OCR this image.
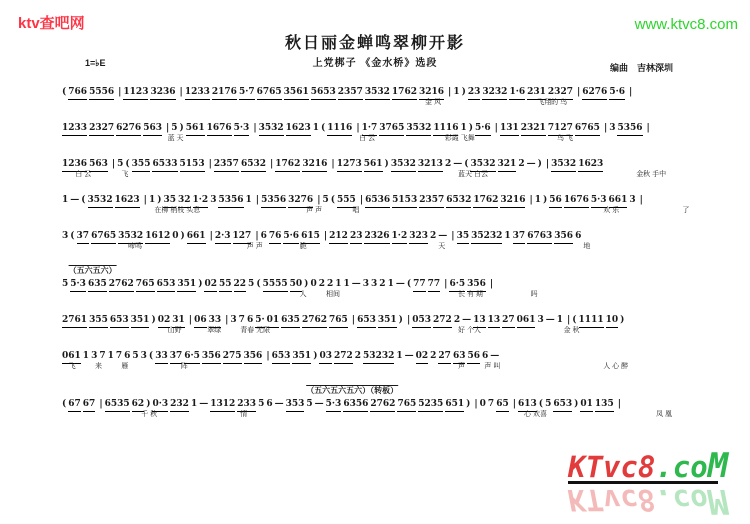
ktv查吧网	www.ktvc8.com
秋日丽金蝉鸣翠柳开影
上党梆子 《金水桥》选段
1=♭E	编曲　吉林深圳
( 766 5556 | 1123 3236 | 1233 2176 5·7 6765 3561 5653 2357 3532 1762 3216 | 1 ) 23 3232 1·6 231 2327 | 6276 5·6 |
金 风	飞翔的 鸟
1233 2327 6276 563 | 5 ) 561 1676 5·3 | 3532 1623 1 ( 1116 | 1·7 3765 3532 1116 1 ) 5·6 | 131 2321 7127 6765 | 3 5356 |
蓝 天	白 云	彩霞 飞舞	鸟 飞
1236 563 | 5 ( 355 6533 5153 | 2357 6532 | 1762 3216 | 1273 561 ) 3532 3213 2 — ( 3532 321 2 — ) | 3532 1623
白 云	飞	蓝天 白云	金秋 手中
1 — ( 3532 1623 | 1 ) 35 32 1·2 3 5356 1 | 5356 3276 | 5 ( 555 | 6536 5153 2357 6532 1762 3216 | 1 ) 56 1676 5·3 661 3 |
在柳 梢枝 头息	声 声	唱	欢 乐	了
3 ( 37 6765 3532 1612 0 ) 661 | 2·3 127 | 6 76 5·6 615 | 212 23 2326 1·2 323 2 — | 35 35232 1 37 6763 356 6
啼鸣	声 声	脆	天	地
（五六五六）
5 5·3 635 2762 765 653 351 ) 02 55 22 5 ( 5555 50 ) 0 2 2 1 1 — 3 3 2 1 — ( 77 77 | 6·5 356 |
人	相间	长 有 期	吗
2761 355 653 351 ) 02 31 | 06 33 | 3 7 6 5· 01 635 2762 765 | 653 351 ) | 053 272 2 — 13 13 27 061 3 — 1 | ( 1111 10 )
山野	翠绿	青春 无限	好 个人	金 秋
061 1 3 7 1 7 6 5 3 ( 33 37 6·5 356 275 356 | 653 351 ) 03 272 2 53232 1 — 02 2 27 63 56 6 —
飞	来	雁	阵	声	声 叫	人 心 醉
（五六五六五六）（转板）
( 67 67 | 6535 62 ) 0·3 232 1 — 1312 233 5 6 — 353 5 — 5·3 6356 2762 765 5235 651 ) | 0 7 65 | 613 ( 5 653 ) 01 135 |
千 秋	情	心 欢喜	凤 凰
KTvc8.coM
KTvc8.coM
